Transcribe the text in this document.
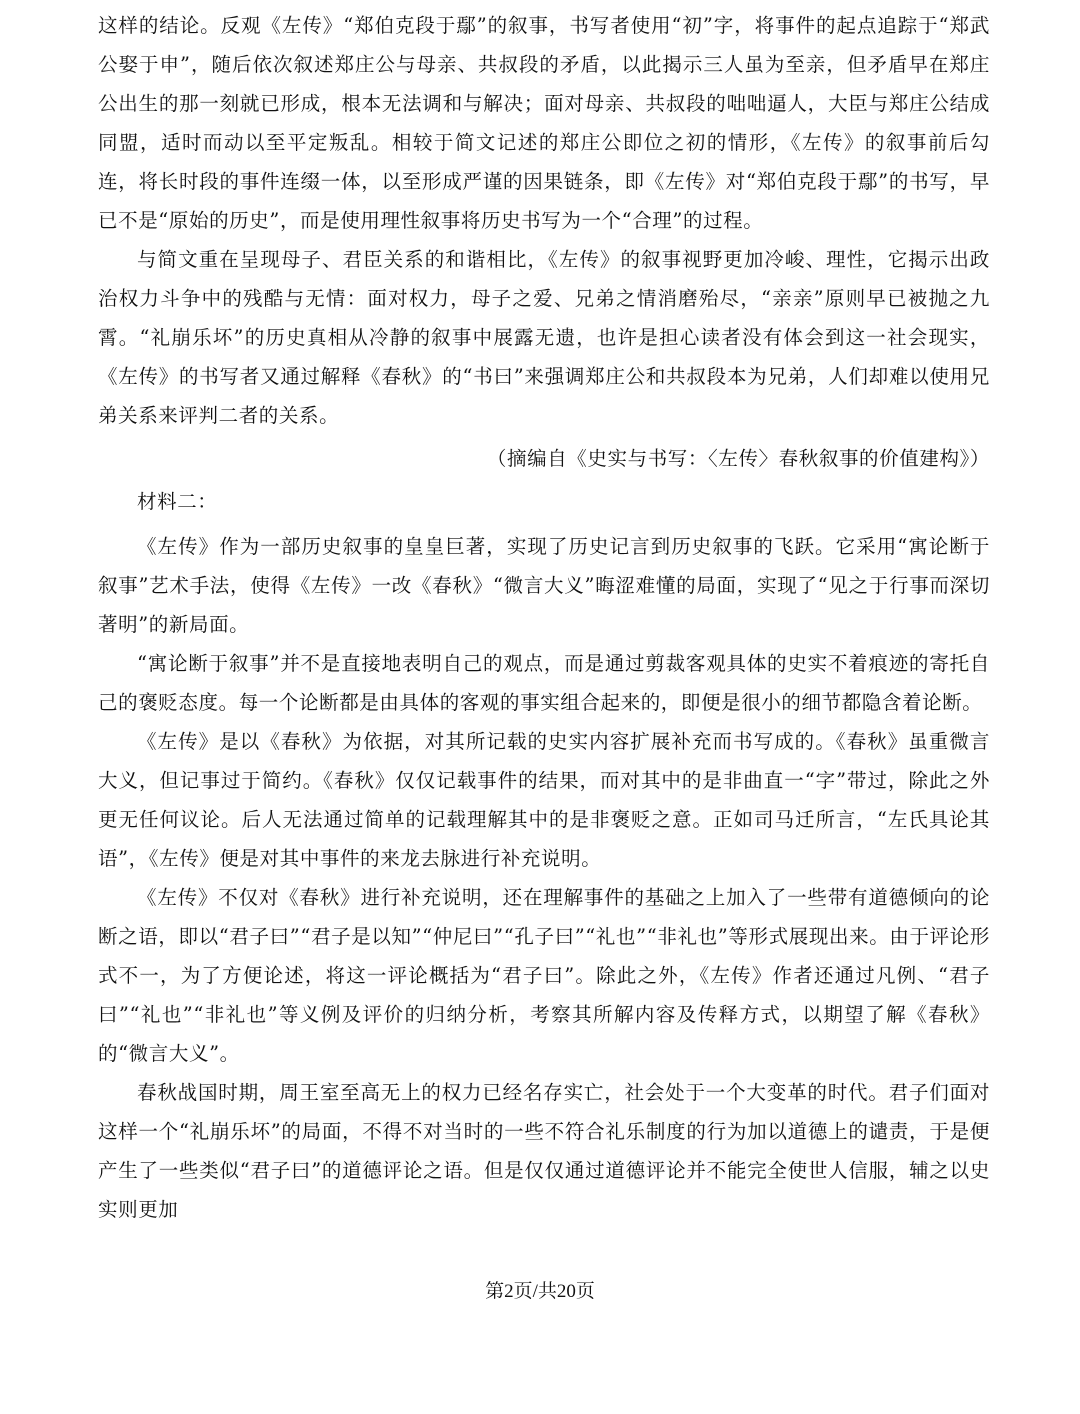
这样的结论。反观《左传》“郑伯克段于鄢”的叙事，书写者使用“初”字，将事件的起点追踪于“郑武公娶于申”，随后依次叙述郑庄公与母亲、共叔段的矛盾，以此揭示三人虽为至亲，但矛盾早在郑庄公出生的那一刻就已形成，根本无法调和与解决；面对母亲、共叔段的咄咄逼人，大臣与郑庄公结成同盟，适时而动以至平定叛乱。相较于简文记述的郑庄公即位之初的情形，《左传》的叙事前后勾连，将长时段的事件连缀一体，以至形成严谨的因果链条，即《左传》对“郑伯克段于鄢”的书写，早已不是“原始的历史”，而是使用理性叙事将历史书写为一个“合理”的过程。

与简文重在呈现母子、君臣关系的和谐相比，《左传》的叙事视野更加冷峻、理性，它揭示出政治权力斗争中的残酷与无情：面对权力，母子之爱、兄弟之情消磨殆尽，“亲亲”原则早已被抛之九霄。“礼崩乐坏”的历史真相从冷静的叙事中展露无遗，也许是担心读者没有体会到这一社会现实，《左传》的书写者又通过解释《春秋》的“书曰”来强调郑庄公和共叔段本为兄弟，人们却难以使用兄弟关系来评判二者的关系。

（摘编自《史实与书写：〈左传〉春秋叙事的价值建构》）

材料二：

《左传》作为一部历史叙事的皇皇巨著，实现了历史记言到历史叙事的飞跃。它采用“寓论断于叙事”艺术手法，使得《左传》一改《春秋》“微言大义”晦涩难懂的局面，实现了“见之于行事而深切著明”的新局面。

“寓论断于叙事”并不是直接地表明自己的观点，而是通过剪裁客观具体的史实不着痕迹的寄托自己的褒贬态度。每一个论断都是由具体的客观的事实组合起来的，即便是很小的细节都隐含着论断。

《左传》是以《春秋》为依据，对其所记载的史实内容扩展补充而书写成的。《春秋》虽重微言大义，但记事过于简约。《春秋》仅仅记载事件的结果，而对其中的是非曲直一“字”带过，除此之外更无任何议论。后人无法通过简单的记载理解其中的是非褒贬之意。正如司马迁所言，“左氏具论其语”，《左传》便是对其中事件的来龙去脉进行补充说明。

《左传》不仅对《春秋》进行补充说明，还在理解事件的基础之上加入了一些带有道德倾向的论断之语，即以“君子曰”“君子是以知”“仲尼曰”“孔子曰”“礼也”“非礼也”等形式展现出来。由于评论形式不一，为了方便论述，将这一评论概括为“君子曰”。除此之外，《左传》作者还通过凡例、“君子曰”“礼也”“非礼也”等义例及评价的归纳分析，考察其所解内容及传释方式，以期望了解《春秋》的“微言大义”。

春秋战国时期，周王室至高无上的权力已经名存实亡，社会处于一个大变革的时代。君子们面对这样一个“礼崩乐坏”的局面，不得不对当时的一些不符合礼乐制度的行为加以道德上的谴责，于是便产生了一些类似“君子曰”的道德评论之语。但是仅仅通过道德评论并不能完全使世人信服，辅之以史实则更加

第2页/共20页
